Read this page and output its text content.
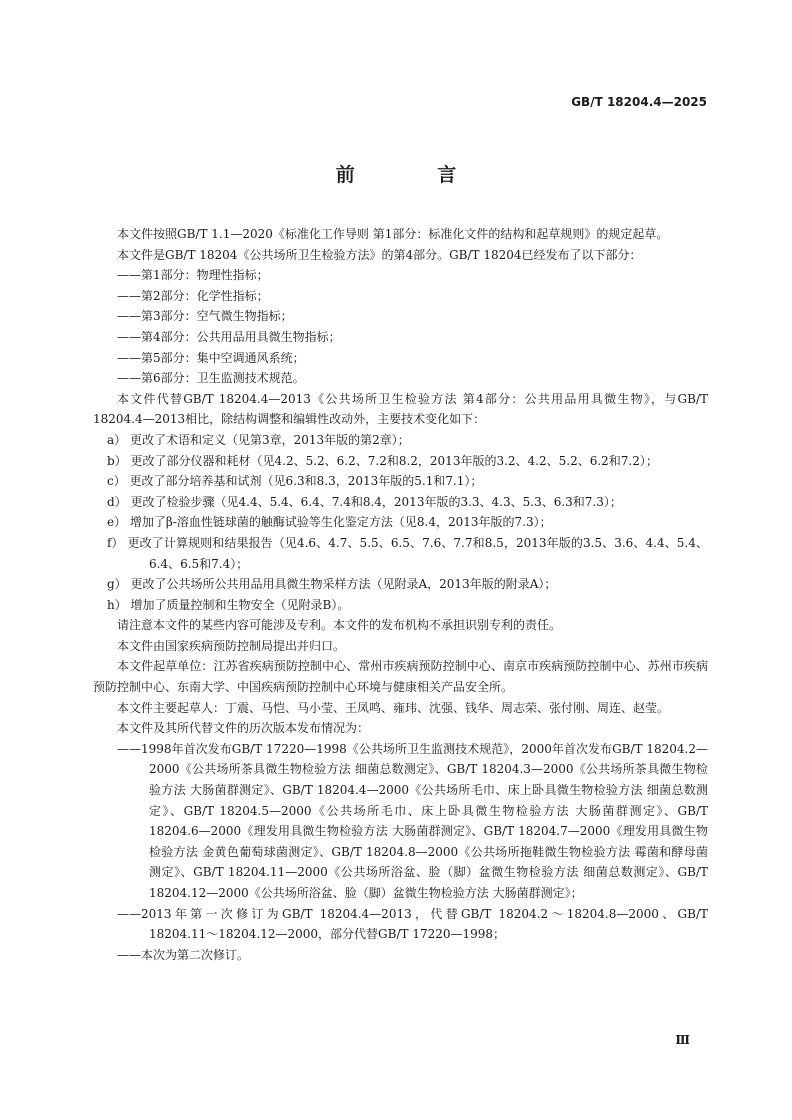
GB/T 18204.4—2025
前 言

本文件按照GB/T 1.1—2020《标准化工作导则 第1部分：标准化文件的结构和起草规则》的规定起草。

本文件是GB/T 18204《公共场所卫生检验方法》的第4部分。GB/T 18204已经发布了以下部分：

——第1部分：物理性指标；

——第2部分：化学性指标；

——第3部分：空气微生物指标；

——第4部分：公共用品用具微生物指标；

——第5部分：集中空调通风系统；

——第6部分：卫生监测技术规范。

本文件代替GB/T 18204.4—2013《公共场所卫生检验方法 第4部分：公共用品用具微生物》，与GB/T 18204.4—2013相比，除结构调整和编辑性改动外，主要技术变化如下：

a） 更改了术语和定义（见第3章，2013年版的第2章）；

b） 更改了部分仪器和耗材（见4.2、5.2、6.2、7.2和8.2，2013年版的3.2、4.2、5.2、6.2和7.2）；

c） 更改了部分培养基和试剂（见6.3和8.3，2013年版的5.1和7.1）；

d） 更改了检验步骤（见4.4、5.4、6.4、7.4和8.4，2013年版的3.3、4.3、5.3、6.3和7.3）；

e） 增加了β-溶血性链球菌的触酶试验等生化鉴定方法（见8.4，2013年版的7.3）；

f） 更改了计算规则和结果报告（见4.6、4.7、5.5、6.5、7.6、7.7和8.5，2013年版的3.5、3.6、4.4、5.4、6.4、6.5和7.4）；

g） 更改了公共场所公共用品用具微生物采样方法（见附录A，2013年版的附录A）；

h） 增加了质量控制和生物安全（见附录B）。

请注意本文件的某些内容可能涉及专利。本文件的发布机构不承担识别专利的责任。

本文件由国家疾病预防控制局提出并归口。

本文件起草单位：江苏省疾病预防控制中心、常州市疾病预防控制中心、南京市疾病预防控制中心、苏州市疾病预防控制中心、东南大学、中国疾病预防控制中心环境与健康相关产品安全所。

本文件主要起草人：丁震、马恺、马小莹、王凤鸣、雍玮、沈强、钱华、周志荣、张付刚、周连、赵莹。

本文件及其所代替文件的历次版本发布情况为：

——1998年首次发布GB/T 17220—1998《公共场所卫生监测技术规范》，2000年首次发布GB/T 18204.2—2000《公共场所茶具微生物检验方法 细菌总数测定》、GB/T 18204.3—2000《公共场所茶具微生物检验方法 大肠菌群测定》、GB/T 18204.4—2000《公共场所毛巾、床上卧具微生物检验方法 细菌总数测定》、GB/T 18204.5—2000《公共场所毛巾、床上卧具微生物检验方法 大肠菌群测定》、GB/T 18204.6—2000《理发用具微生物检验方法 大肠菌群测定》、GB/T 18204.7—2000《理发用具微生物检验方法 金黄色葡萄球菌测定》、GB/T 18204.8—2000《公共场所拖鞋微生物检验方法 霉菌和酵母菌测定》、GB/T 18204.11—2000《公共场所浴盆、脸（脚）盆微生物检验方法 细菌总数测定》、GB/T 18204.12—2000《公共场所浴盆、脸（脚）盆微生物检验方法 大肠菌群测定》；

——2013年第一次修订为GB/T 18204.4—2013，代替GB/T 18204.2～18204.8—2000、GB/T 18204.11～18204.12—2000，部分代替GB/T 17220—1998；

——本次为第二次修订。

Ⅲ
